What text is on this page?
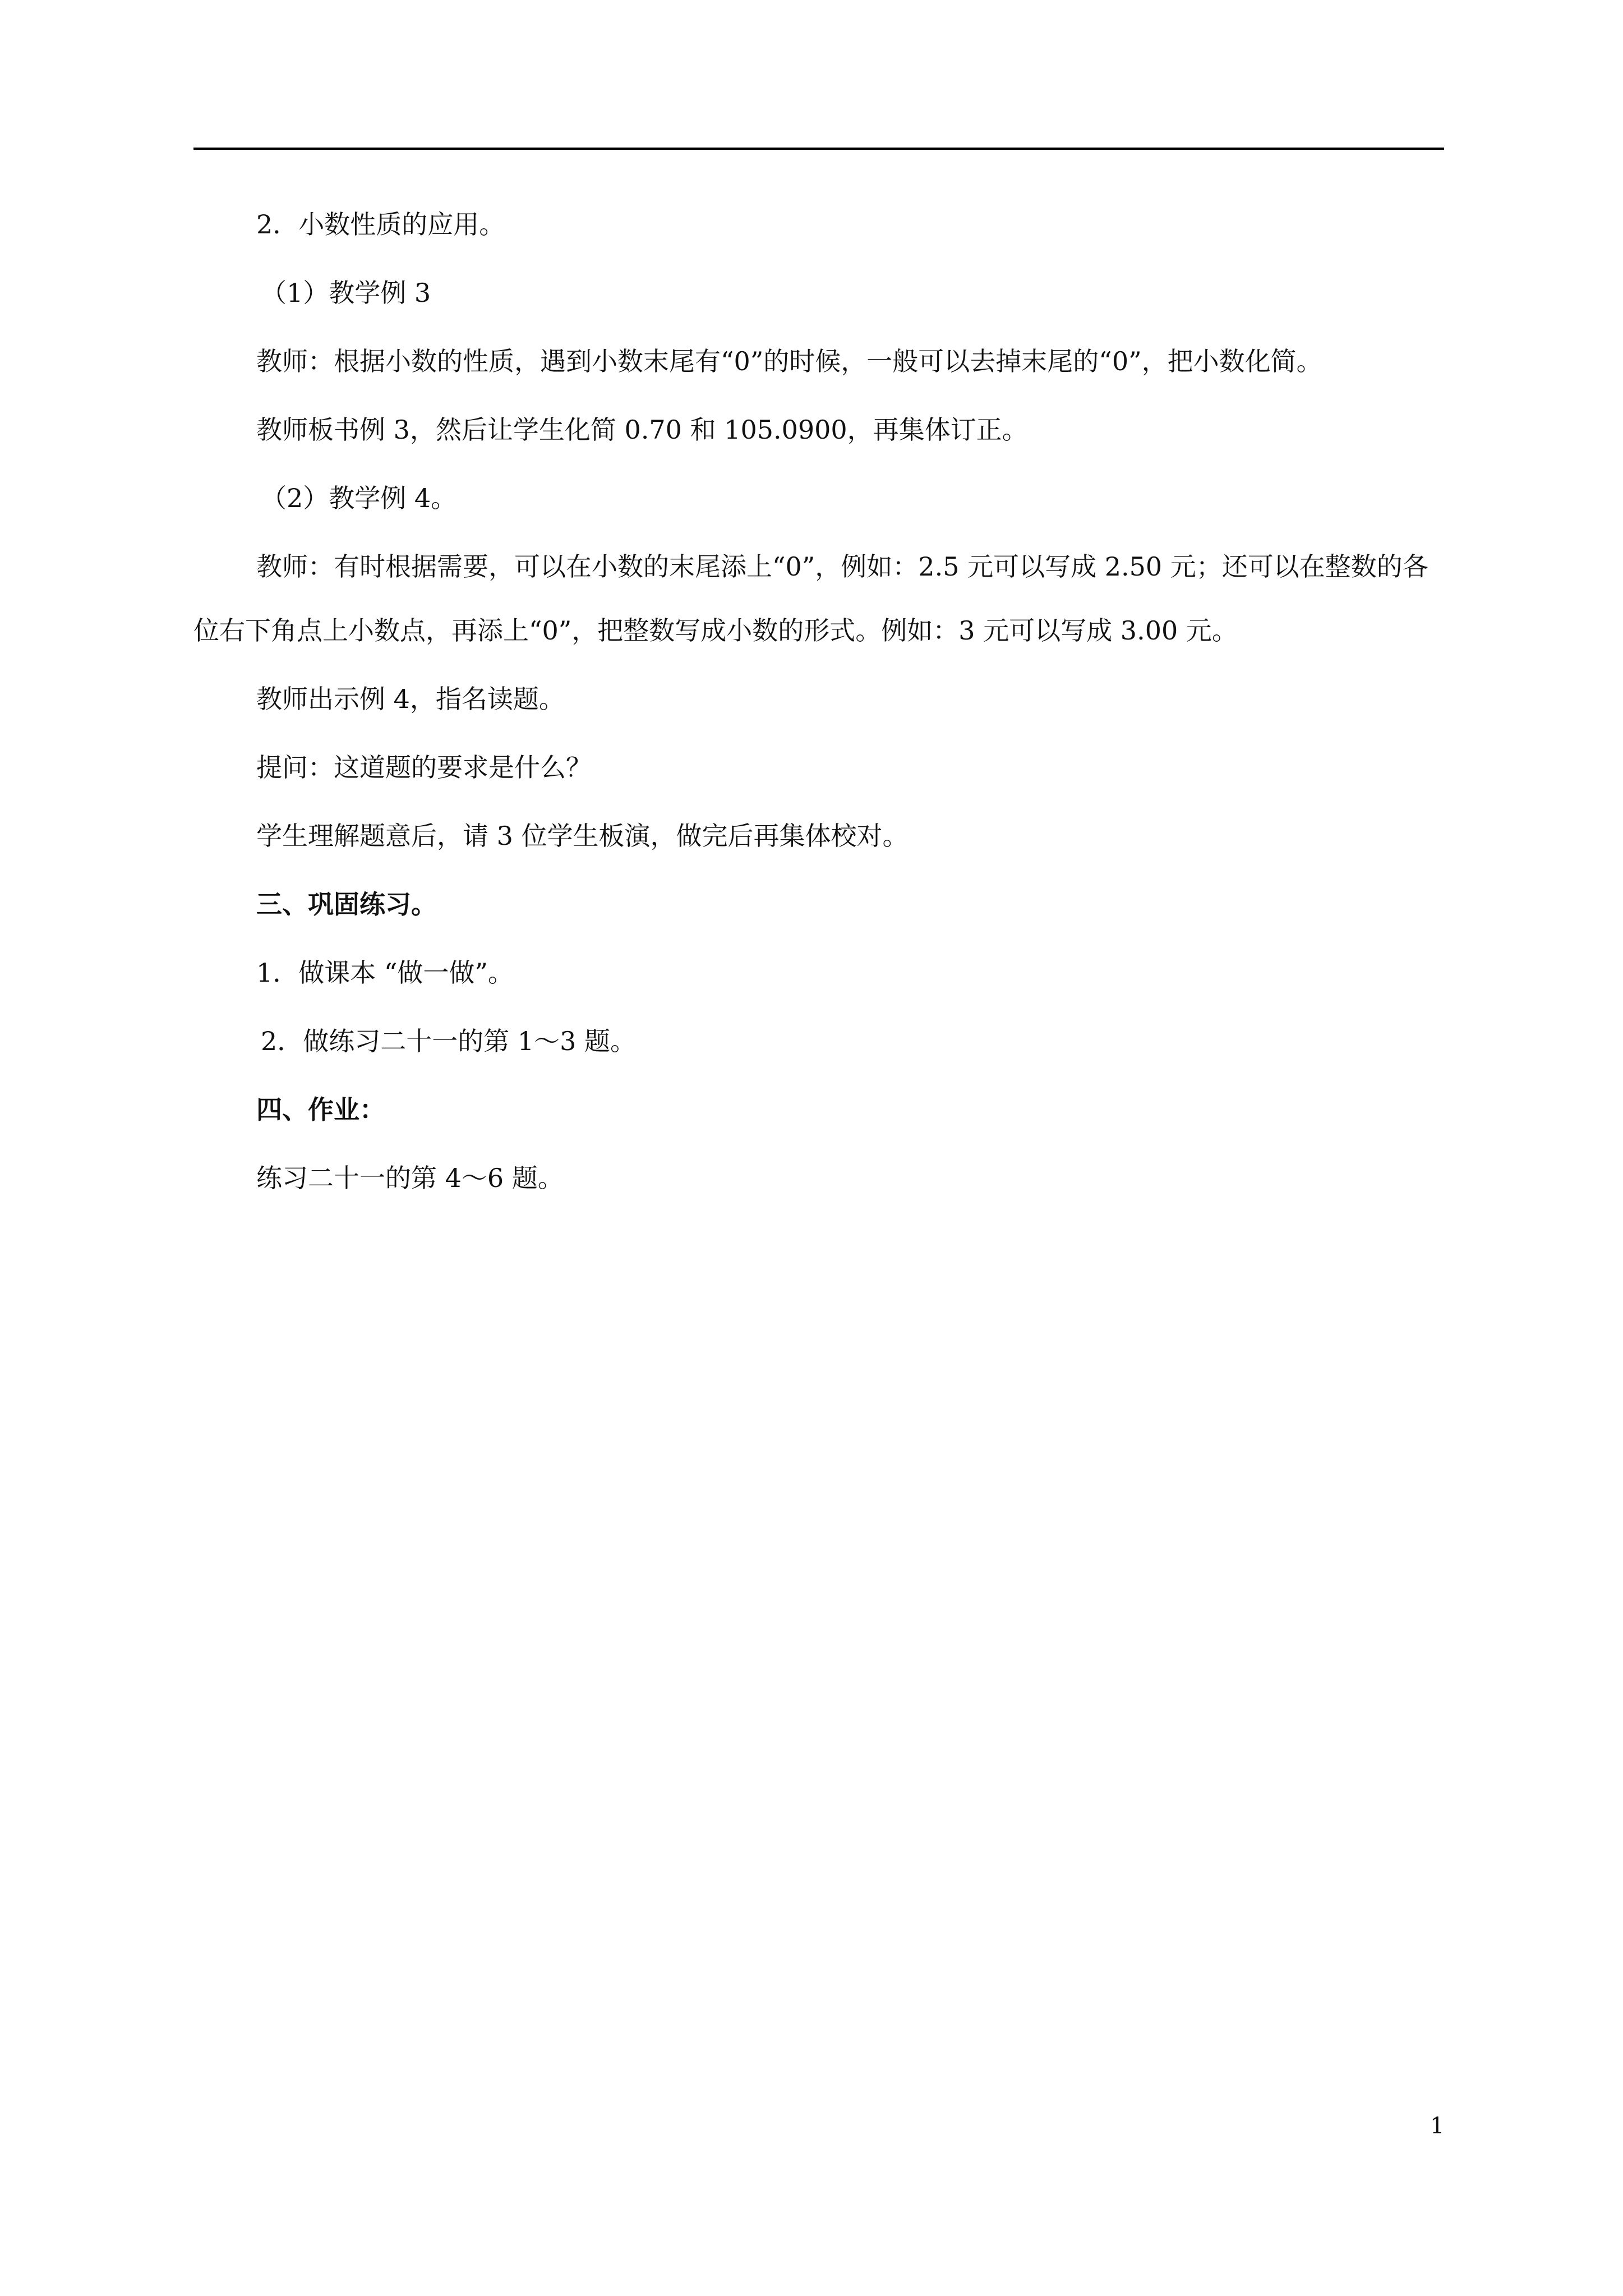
2．小数性质的应用。

（1）教学例 3

教师：根据小数的性质，遇到小数末尾有“0”的时候，一般可以去掉末尾的“0”，把小数化简。

教师板书例 3，然后让学生化简 0.70 和 105.0900，再集体订正。

（2）教学例 4。

教师：有时根据需要，可以在小数的末尾添上“0”，例如：2.5 元可以写成 2.50 元；还可以在整数的各位右下角点上小数点，再添上“0”，把整数写成小数的形式。例如：3 元可以写成 3.00 元。

教师出示例 4，指名读题。

提问：这道题的要求是什么？

学生理解题意后，请 3 位学生板演，做完后再集体校对。

三、巩固练习。

1．做课本 “做一做”。

2．做练习二十一的第 1～3 题。

四、作业：

练习二十一的第 4～6 题。

1
